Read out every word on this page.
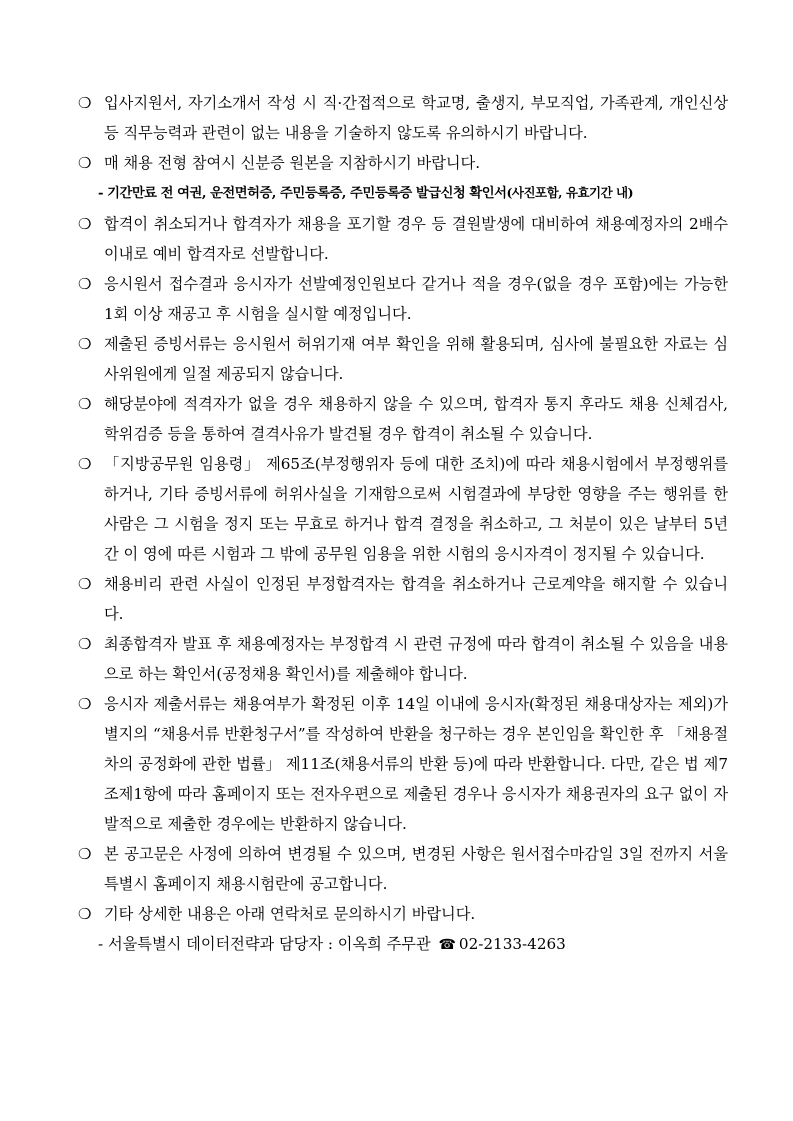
❍ 입사지원서, 자기소개서 작성 시 직·간접적으로 학교명, 출생지, 부모직업, 가족관계, 개인신상 등 직무능력과 관련이 없는 내용을 기술하지 않도록 유의하시기 바랍니다.
❍ 매 채용 전형 참여시 신분증 원본을 지참하시기 바랍니다.
- 기간만료 전 여권, 운전면허증, 주민등록증, 주민등록증 발급신청 확인서(사진포함, 유효기간 내)
❍ 합격이 취소되거나 합격자가 채용을 포기할 경우 등 결원발생에 대비하여 채용예정자의 2배수 이내로 예비 합격자로 선발합니다.
❍ 응시원서 접수결과 응시자가 선발예정인원보다 같거나 적을 경우(없을 경우 포함)에는 가능한 1회 이상 재공고 후 시험을 실시할 예정입니다.
❍ 제출된 증빙서류는 응시원서 허위기재 여부 확인을 위해 활용되며, 심사에 불필요한 자료는 심사위원에게 일절 제공되지 않습니다.
❍ 해당분야에 적격자가 없을 경우 채용하지 않을 수 있으며, 합격자 통지 후라도 채용 신체검사, 학위검증 등을 통하여 결격사유가 발견될 경우 합격이 취소될 수 있습니다.
❍ 「지방공무원 임용령」 제65조(부정행위자 등에 대한 조치)에 따라 채용시험에서 부정행위를 하거나, 기타 증빙서류에 허위사실을 기재함으로써 시험결과에 부당한 영향을 주는 행위를 한 사람은 그 시험을 정지 또는 무효로 하거나 합격 결정을 취소하고, 그 처분이 있은 날부터 5년간 이 영에 따른 시험과 그 밖에 공무원 임용을 위한 시험의 응시자격이 정지될 수 있습니다.
❍ 채용비리 관련 사실이 인정된 부정합격자는 합격을 취소하거나 근로계약을 해지할 수 있습니다.
❍ 최종합격자 발표 후 채용예정자는 부정합격 시 관련 규정에 따라 합격이 취소될 수 있음을 내용으로 하는 확인서(공정채용 확인서)를 제출해야 합니다.
❍ 응시자 제출서류는 채용여부가 확정된 이후 14일 이내에 응시자(확정된 채용대상자는 제외)가 별지의 “채용서류 반환청구서”를 작성하여 반환을 청구하는 경우 본인임을 확인한 후 「채용절차의 공정화에 관한 법률」 제11조(채용서류의 반환 등)에 따라 반환합니다. 다만, 같은 법 제7조제1항에 따라 홈페이지 또는 전자우편으로 제출된 경우나 응시자가 채용권자의 요구 없이 자발적으로 제출한 경우에는 반환하지 않습니다.
❍ 본 공고문은 사정에 의하여 변경될 수 있으며, 변경된 사항은 원서접수마감일 3일 전까지 서울특별시 홈페이지 채용시험란에 공고합니다.
❍ 기타 상세한 내용은 아래 연락처로 문의하시기 바랍니다.
- 서울특별시 데이터전략과 담당자 : 이옥희 주무관 ☎ 02-2133-4263
